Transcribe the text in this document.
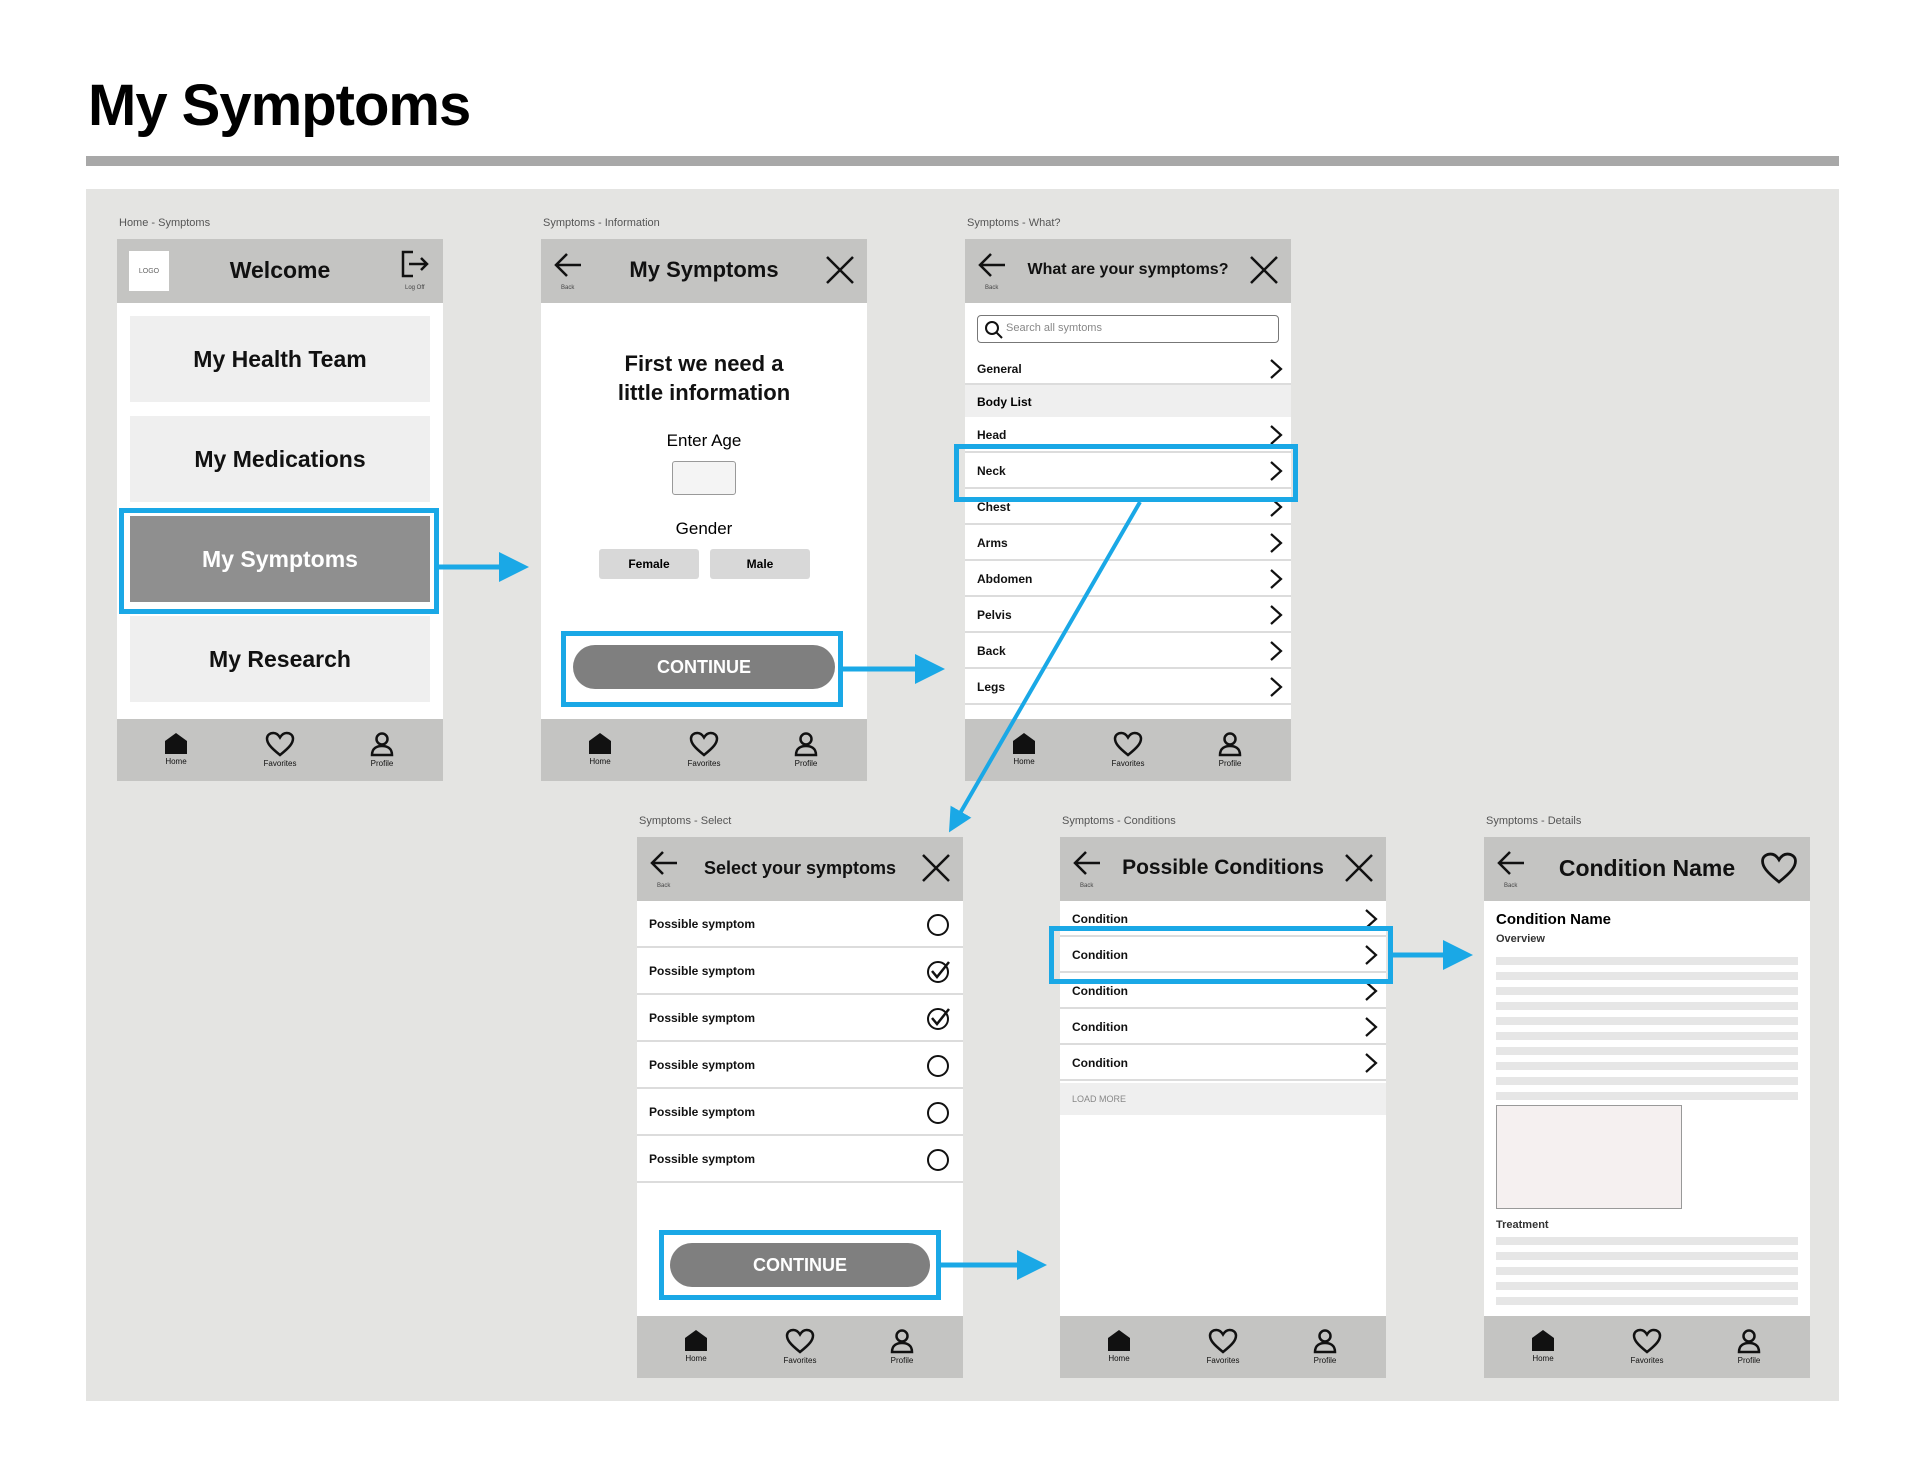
My Symptoms
Home - Symptoms
LOGO	Welcome
Log Off
My Health Team
My Medications
My Symptoms
My Research
Home	Favorites	Profile
Symptoms - Information
Back
My Symptoms
First we need a
little information
Enter Age
Gender
Female	Male
CONTINUE
Home	Favorites	Profile
Symptoms - What?
Back
What are your symptoms?
Search all symtoms
General
Body List
Head
Neck
Chest
Arms
Abdomen
Pelvis
Back
Legs
Home	Favorites	Profile
Symptoms - Select
Back
Select your symptoms
Possible symptom
Possible symptom
Possible symptom
Possible symptom
Possible symptom
Possible symptom
CONTINUE
Home	Favorites	Profile
Symptoms - Conditions
Back
Possible Conditions
Condition
Condition
Condition
Condition
Condition
LOAD MORE
Home	Favorites	Profile
Symptoms - Details
Back
Condition Name
Condition Name
Overview
Treatment
Home	Favorites	Profile
